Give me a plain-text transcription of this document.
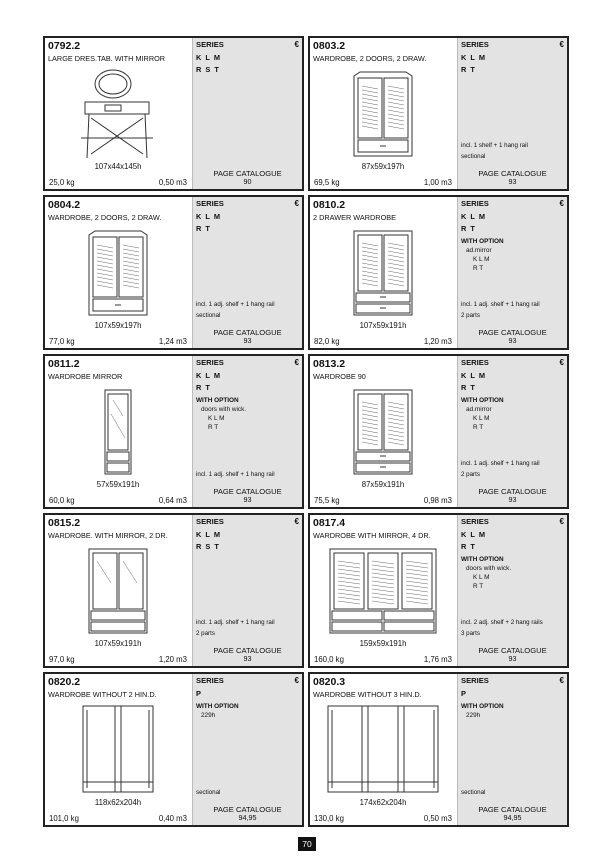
0792.2
LARGE DRES.TAB. WITH MIRROR
107x44x145h
25,0 kg	0,50 m3
SERIES	€
K L M
R S T
PAGE CATALOGUE
90
0803.2
WARDROBE, 2 DOORS, 2 DRAW.
87x59x197h
69,5 kg	1,00 m3
SERIES	€
K L M
R T
incl. 1 shelf + 1 hang rail
sectional
PAGE CATALOGUE
93
0804.2
WARDROBE, 2 DOORS, 2 DRAW.
107x59x197h
77,0 kg	1,24 m3
SERIES	€
K L M
R T
incl. 1 adj. shelf + 1 hang rail
sectional
PAGE CATALOGUE
93
0810.2
2 DRAWER WARDROBE
107x59x191h
82,0 kg	1,20 m3
SERIES	€
K L M
R T
WITH OPTION
ad.mirror
K L M
R T
incl. 1 adj. shelf + 1 hang rail
2 parts
PAGE CATALOGUE
93
0811.2
WARDROBE MIRROR
57x59x191h
60,0 kg	0,64 m3
SERIES	€
K L M
R T
WITH OPTION
doors with wick.
K L M
R T
incl. 1 adj. shelf + 1 hang rail
PAGE CATALOGUE
93
0813.2
WARDROBE 90
87x59x191h
75,5 kg	0,98 m3
SERIES	€
K L M
R T
WITH OPTION
ad.mirror
K L M
R T
incl. 1 adj. shelf + 1 hang rail
2 parts
PAGE CATALOGUE
93
0815.2
WARDROBE. WITH MIRROR, 2 DR.
107x59x191h
97,0 kg	1,20 m3
SERIES	€
K L M
R S T
incl. 1 adj. shelf + 1 hang rail
2 parts
PAGE CATALOGUE
93
0817.4
WARDROBE WITH MIRROR, 4 DR.
159x59x191h
160,0 kg	1,76 m3
SERIES	€
K L M
R T
WITH OPTION
doors with wick.
K L M
R T
incl. 2 adj. shelf + 2 hang rails
3 parts
PAGE CATALOGUE
93
0820.2
WARDROBE WITHOUT 2 HIN.D.
118x62x204h
101,0 kg	0,40 m3
SERIES	€
P
WITH OPTION
229h
sectional
PAGE CATALOGUE
94,95
0820.3
WARDROBE WITHOUT 3 HIN.D.
174x62x204h
130,0 kg	0,50 m3
SERIES	€
P
WITH OPTION
229h
sectional
PAGE CATALOGUE
94,95
70
